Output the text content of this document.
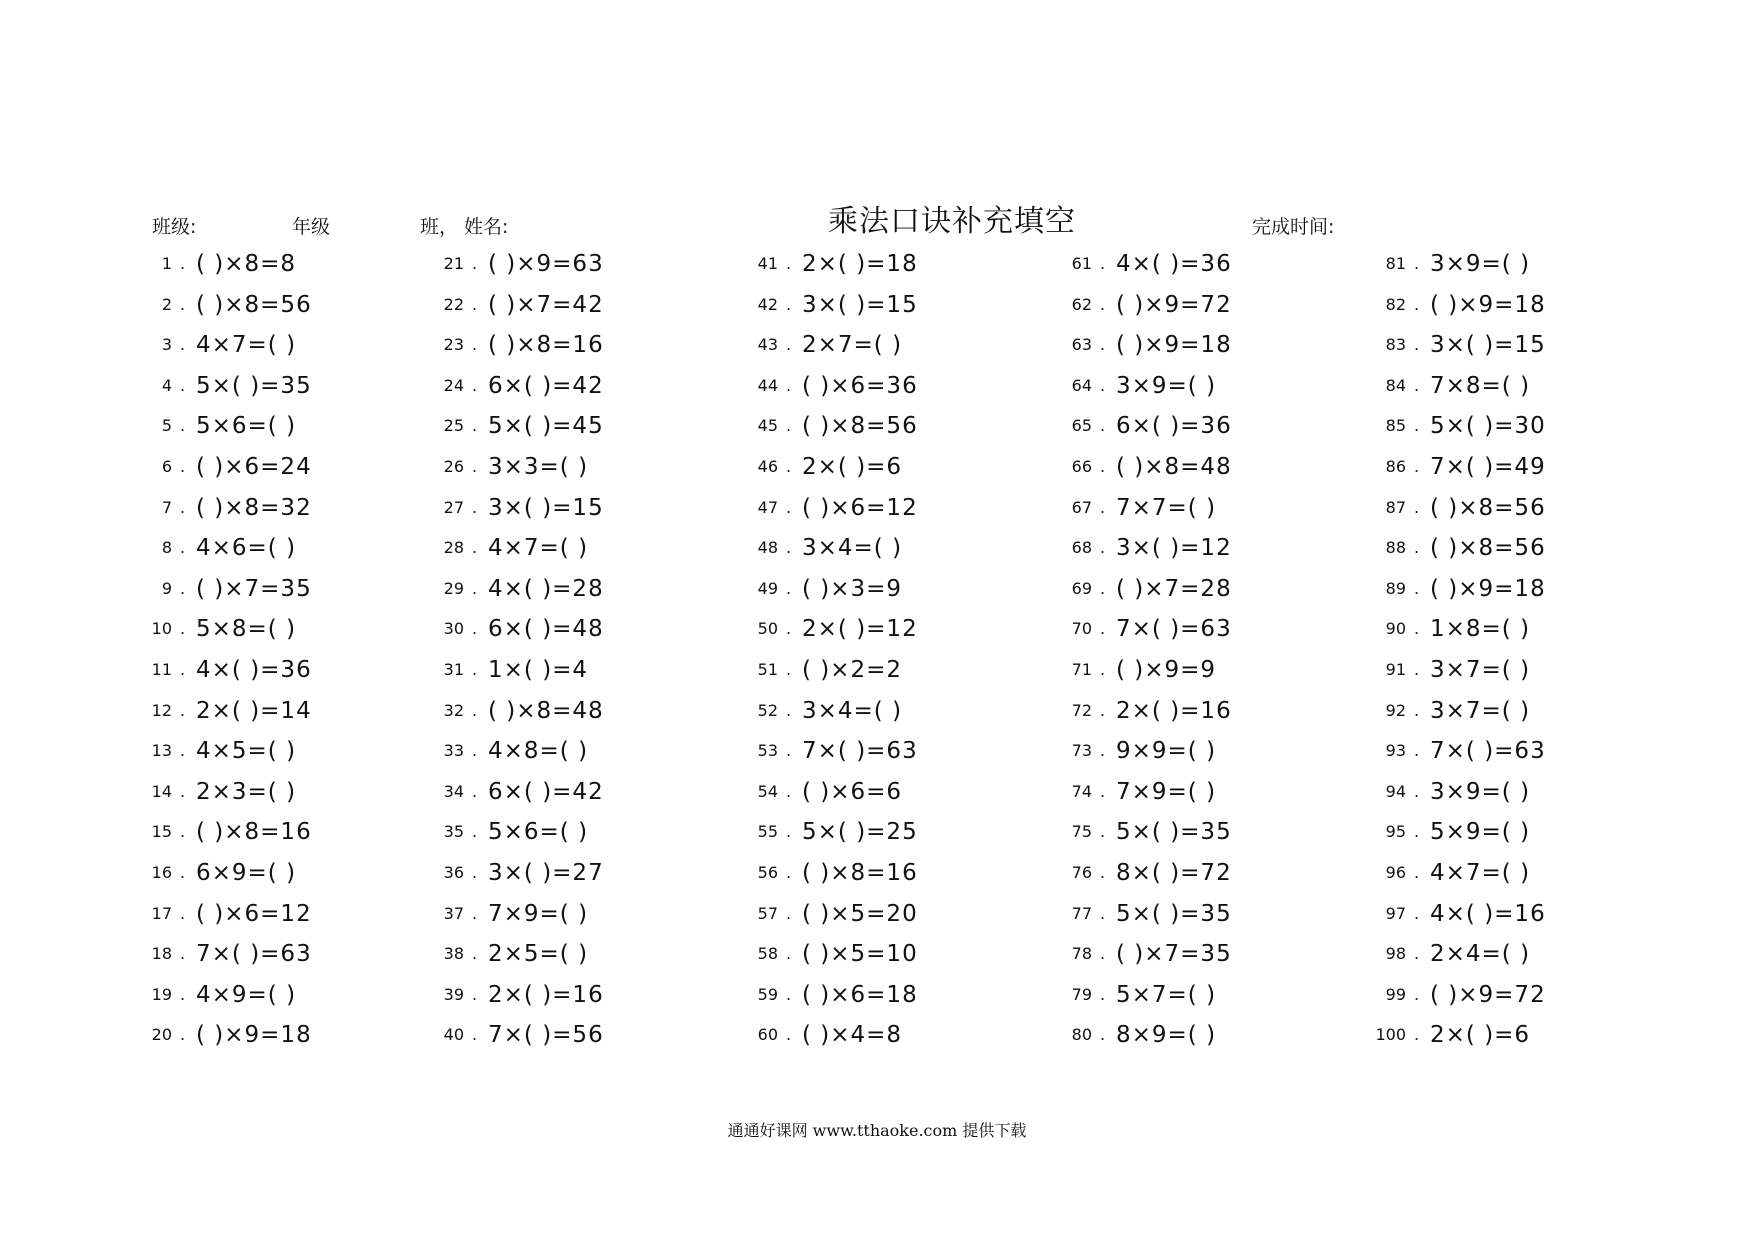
班级:	年级	班， 姓名:	乘法口诀补充填空	完成时间:
1 . ( )×8=8
2 . ( )×8=56
3 . 4×7=( )
4 . 5×( )=35
5 . 5×6=( )
6 . ( )×6=24
7 . ( )×8=32
8 . 4×6=( )
9 . ( )×7=35
10 . 5×8=( )
11 . 4×( )=36
12 . 2×( )=14
13 . 4×5=( )
14 . 2×3=( )
15 . ( )×8=16
16 . 6×9=( )
17 . ( )×6=12
18 . 7×( )=63
19 . 4×9=( )
20 . ( )×9=18
21 . ( )×9=63
22 . ( )×7=42
23 . ( )×8=16
24 . 6×( )=42
25 . 5×( )=45
26 . 3×3=( )
27 . 3×( )=15
28 . 4×7=( )
29 . 4×( )=28
30 . 6×( )=48
31 . 1×( )=4
32 . ( )×8=48
33 . 4×8=( )
34 . 6×( )=42
35 . 5×6=( )
36 . 3×( )=27
37 . 7×9=( )
38 . 2×5=( )
39 . 2×( )=16
40 . 7×( )=56
41 . 2×( )=18
42 . 3×( )=15
43 . 2×7=( )
44 . ( )×6=36
45 . ( )×8=56
46 . 2×( )=6
47 . ( )×6=12
48 . 3×4=( )
49 . ( )×3=9
50 . 2×( )=12
51 . ( )×2=2
52 . 3×4=( )
53 . 7×( )=63
54 . ( )×6=6
55 . 5×( )=25
56 . ( )×8=16
57 . ( )×5=20
58 . ( )×5=10
59 . ( )×6=18
60 . ( )×4=8
61 . 4×( )=36
62 . ( )×9=72
63 . ( )×9=18
64 . 3×9=( )
65 . 6×( )=36
66 . ( )×8=48
67 . 7×7=( )
68 . 3×( )=12
69 . ( )×7=28
70 . 7×( )=63
71 . ( )×9=9
72 . 2×( )=16
73 . 9×9=( )
74 . 7×9=( )
75 . 5×( )=35
76 . 8×( )=72
77 . 5×( )=35
78 . ( )×7=35
79 . 5×7=( )
80 . 8×9=( )
81 . 3×9=( )
82 . ( )×9=18
83 . 3×( )=15
84 . 7×8=( )
85 . 5×( )=30
86 . 7×( )=49
87 . ( )×8=56
88 . ( )×8=56
89 . ( )×9=18
90 . 1×8=( )
91 . 3×7=( )
92 . 3×7=( )
93 . 7×( )=63
94 . 3×9=( )
95 . 5×9=( )
96 . 4×7=( )
97 . 4×( )=16
98 . 2×4=( )
99 . ( )×9=72
100 . 2×( )=6
通通好课网 www.tthaoke.com 提供下载
